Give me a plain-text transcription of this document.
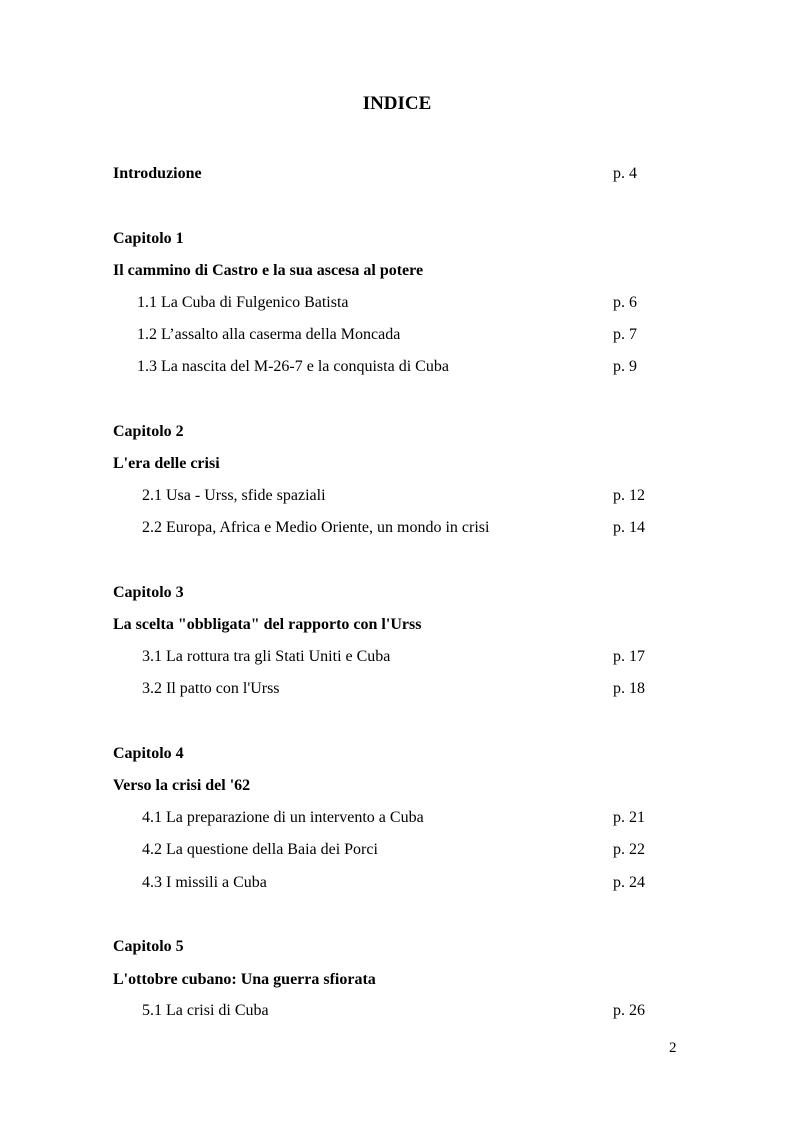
INDICE
Introduzione	p. 4
Capitolo 1
Il cammino di Castro e la sua ascesa al potere
1.1 La Cuba di Fulgenico Batista	p. 6
1.2 L’assalto alla caserma della Moncada	p. 7
1.3 La nascita del M-26-7 e la conquista di Cuba	p. 9
Capitolo 2
L'era delle crisi
2.1 Usa - Urss, sfide spaziali	p. 12
2.2 Europa, Africa e Medio Oriente, un mondo in crisi	p. 14
Capitolo 3
La scelta "obbligata" del rapporto con l'Urss
3.1 La rottura tra gli Stati Uniti e Cuba	p. 17
3.2 Il patto con l'Urss	p. 18
Capitolo 4
Verso la crisi del '62
4.1 La preparazione di un intervento a Cuba	p. 21
4.2 La questione della Baia dei Porci	p. 22
4.3 I missili a Cuba	p. 24
Capitolo 5
L'ottobre cubano: Una guerra sfiorata
5.1 La crisi di Cuba	p. 26
2
